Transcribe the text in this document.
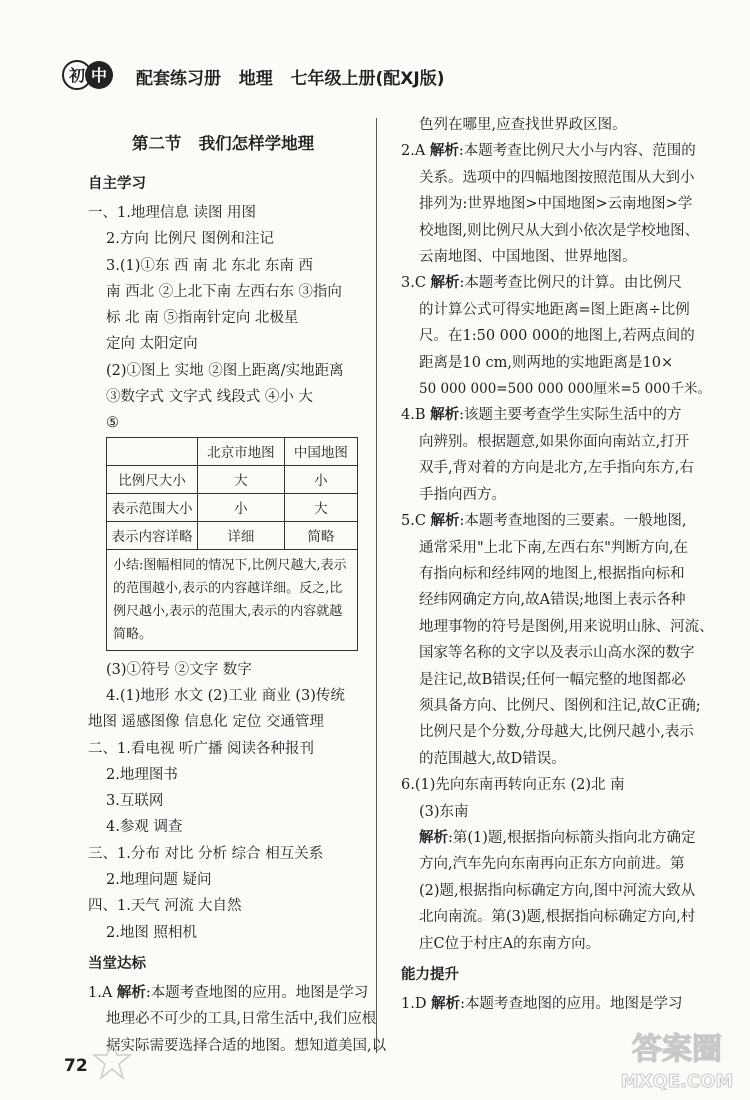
初 中 配套练习册   地理   七年级上册(配XJ版)
第二节   我们怎样学地理
自主学习
一、1.地理信息 读图 用图
2.方向 比例尺 图例和注记
3.(1)①东 西 南 北 东北 东南 西
南 西北 ②上北下南 左西右东 ③指向
标 北 南 ⑤指南针定向 北极星
定向 太阳定向
(2)①图上 实地 ②图上距离/实地距离
③数字式 文字式 线段式 ④小 大
⑤
	北京市地图	中国地图
比例尺大小	大	小
表示范围大小	小	大
表示内容详略	详细	简略
小结:图幅相同的情况下,比例尺越大,表示的范围越小,表示的内容越详细。反之,比例尺越小,表示的范围大,表示的内容就越简略。		
(3)①符号 ②文字 数字
4.(1)地形 水文 (2)工业 商业 (3)传统
地图 遥感图像 信息化 定位 交通管理
二、1.看电视 听广播 阅读各种报刊
2.地理图书
3.互联网
4.参观 调查
三、1.分布 对比 分析 综合 相互关系
2.地理问题 疑问
四、1.天气 河流 大自然
2.地图 照相机
当堂达标
1.A 解析:本题考查地图的应用。地图是学习
地理必不可少的工具,日常生活中,我们应根
据实际需要选择合适的地图。想知道美国,以
色列在哪里,应查找世界政区图。
2.A 解析:本题考查比例尺大小与内容、范围的
关系。选项中的四幅地图按照范围从大到小
排列为:世界地图>中国地图>云南地图>学
校地图,则比例尺从大到小依次是学校地图、
云南地图、中国地图、世界地图。
3.C 解析:本题考查比例尺的计算。由比例尺
的计算公式可得实地距离=图上距离÷比例
尺。在1:50 000 000的地图上,若两点间的
距离是10 cm,则两地的实地距离是10×
50 000 000=500 000 000厘米=5 000千米。
4.B 解析:该题主要考查学生实际生活中的方
向辨别。根据题意,如果你面向南站立,打开
双手,背对着的方向是北方,左手指向东方,右
手指向西方。
5.C 解析:本题考查地图的三要素。一般地图,
通常采用"上北下南,左西右东"判断方向,在
有指向标和经纬网的地图上,根据指向标和
经纬网确定方向,故A错误;地图上表示各种
地理事物的符号是图例,用来说明山脉、河流、
国家等名称的文字以及表示山高水深的数字
是注记,故B错误;任何一幅完整的地图都必
须具备方向、比例尺、图例和注记,故C正确;
比例尺是个分数,分母越大,比例尺越小,表示
的范围越大,故D错误。
6.(1)先向东南再转向正东 (2)北 南
(3)东南
解析:第(1)题,根据指向标箭头指向北方确定
方向,汽车先向东南再向正东方向前进。第
(2)题,根据指向标确定方向,图中河流大致从
北向南流。第(3)题,根据指向标确定方向,村
庄C位于村庄A的东南方向。
能力提升
1.D 解析:本题考查地图的应用。地图是学习
72	答案圈
MXQE.COM
